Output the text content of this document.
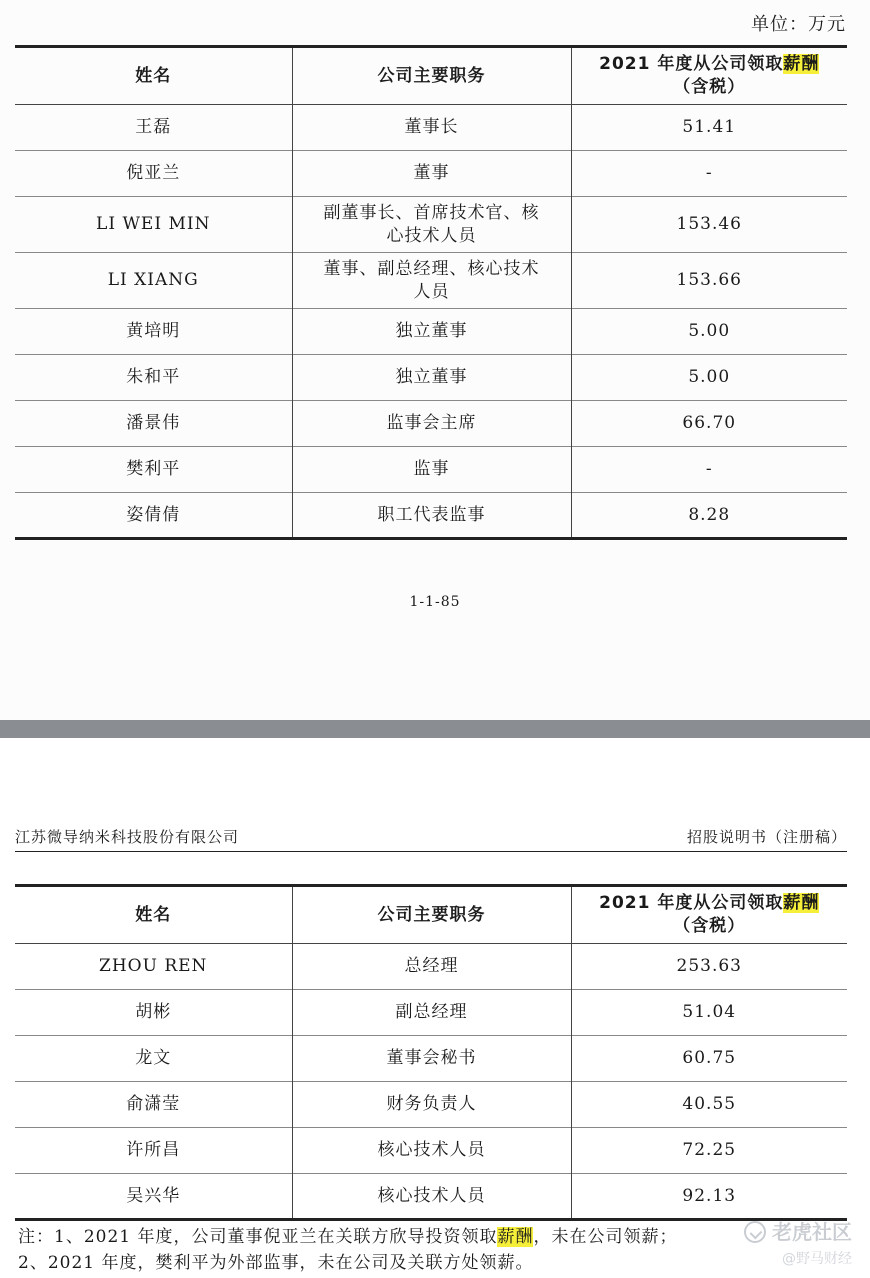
单位：万元
姓名	公司主要职务	2021 年度从公司领取薪酬
（含税）
王磊	董事长	51.41
倪亚兰	董事	-
LI WEI MIN	副董事长、首席技术官、核心技术人员	153.46
LI XIANG	董事、副总经理、核心技术人员	153.66
黄培明	独立董事	5.00
朱和平	独立董事	5.00
潘景伟	监事会主席	66.70
樊利平	监事	-
姿倩倩	职工代表监事	8.28
1-1-85
江苏微导纳米科技股份有限公司	招股说明书（注册稿）
姓名	公司主要职务	2021 年度从公司领取薪酬
（含税）
ZHOU REN	总经理	253.63
胡彬	副总经理	51.04
龙文	董事会秘书	60.75
俞潇莹	财务负责人	40.55
许所昌	核心技术人员	72.25
吴兴华	核心技术人员	92.13
注：1、2021 年度，公司董事倪亚兰在关联方欣导投资领取薪酬，未在公司领薪；
2、2021 年度，樊利平为外部监事，未在公司及关联方处领薪。
老虎社区
@野马财经
